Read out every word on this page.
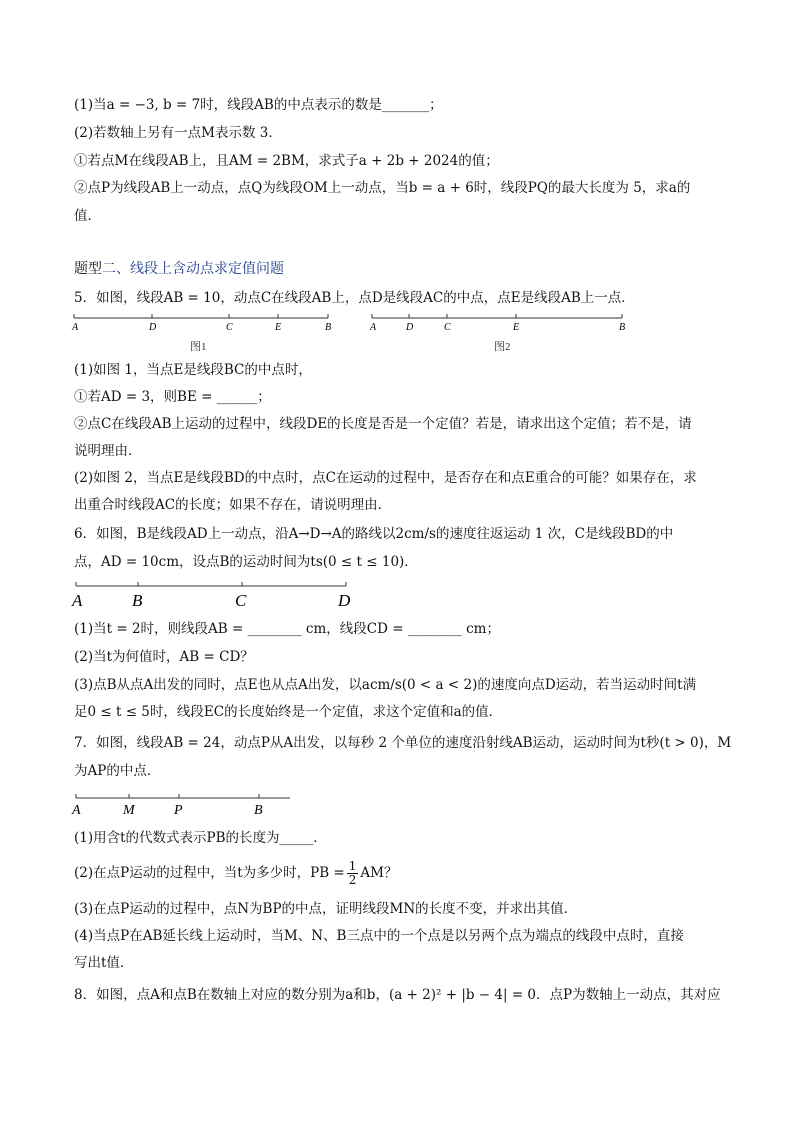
(1)当a = −3, b = 7时，线段AB的中点表示的数是_______；
(2)若数轴上另有一点M表示数 3．
①若点M在线段AB上，且AM = 2BM，求式子a + 2b + 2024的值；
②点P为线段AB上一动点，点Q为线段OM上一动点，当b = a + 6时，线段PQ的最大长度为 5，求a的
值．
题型二、线段上含动点求定值问题
5．如图，线段AB = 10，动点C在线段AB上，点D是线段AC的中点，点E是线段AB上一点．
A	D	C	E	B
图1
A	D	C	E	B
图2
(1)如图 1，当点E是线段BC的中点时，
①若AD = 3，则BE = ______；
②点C在线段AB上运动的过程中，线段DE的长度是否是一个定值？若是，请求出这个定值；若不是，请
说明理由．
(2)如图 2，当点E是线段BD的中点时，点C在运动的过程中，是否存在和点E重合的可能？如果存在，求
出重合时线段AC的长度；如果不存在，请说明理由．
6．如图，B是线段AD上一动点，沿A→D→A的路线以2cm/s的速度往返运动 1 次，C是线段BD的中
点，AD = 10cm，设点B的运动时间为ts(0 ≤ t ≤ 10)．
A	B	C	D
(1)当t = 2时，则线段AB = ________ cm，线段CD = ________ cm；
(2)当t为何值时，AB = CD？
(3)点B从点A出发的同时，点E也从点A出发，以acm/s(0 < a < 2)的速度向点D运动，若当运动时间t满
足0 ≤ t ≤ 5时，线段EC的长度始终是一个定值，求这个定值和a的值．
7．如图，线段AB = 24，动点P从A出发，以每秒 2 个单位的速度沿射线AB运动，运动时间为t秒(t > 0)，M
为AP的中点．
A	M	P	B
(1)用含t的代数式表示PB的长度为_____．
(2)在点P运动的过程中，当t为多少时，PB = $\frac{1}{2}$ AM？
(3)在点P运动的过程中，点N为BP的中点，证明线段MN的长度不变，并求出其值．
(4)当点P在AB延长线上运动时，当M、N、B三点中的一个点是以另两个点为端点的线段中点时，直接
写出t值．
8．如图，点A和点B在数轴上对应的数分别为a和b，(a + 2)² + |b − 4| = 0．点P为数轴上一动点，其对应
